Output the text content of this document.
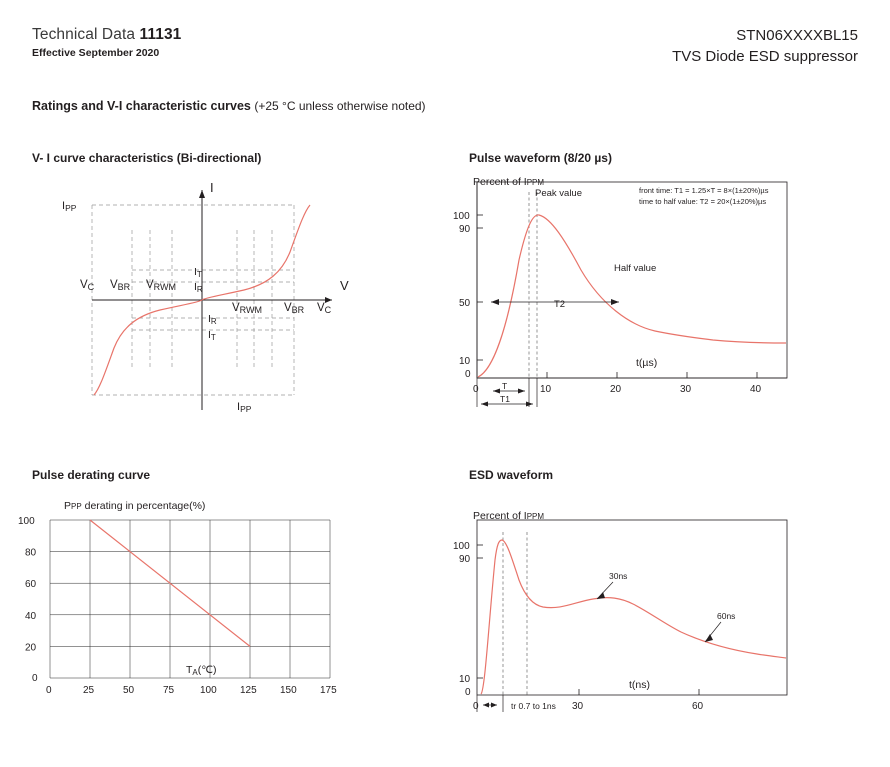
Technical Data 11131
Effective September 2020
STN06XXXXBL15
TVS Diode ESD suppressor
Ratings and V-I characteristic curves (+25 °C unless otherwise noted)
V- I curve characteristics (Bi-directional)	Pulse waveform (8/20 µs)
Pulse derating curve	ESD waveform
IPP
IPP
V
I
VC VBR VRWM
IT
IR
IR
IT
VRWM VBR VC
100
90
50
10
0
0	10	20	30	40
Peak value
Half value
T2
t(µs)
front time: T1 = 1.25×T = 8×(1±20%)µs
time to half value: T2 = 20×(1±20%)µs
T
T1
Percent of IPPM
100
80
60
40
20
0
0	25	50	75	100 125 150 175
TA(℃)
PPP derating in percentage(%)
30ns
60ns
100
90
10
0
0	30	60
t(ns)
tr 0.7 to 1ns
Percent of IPPM
